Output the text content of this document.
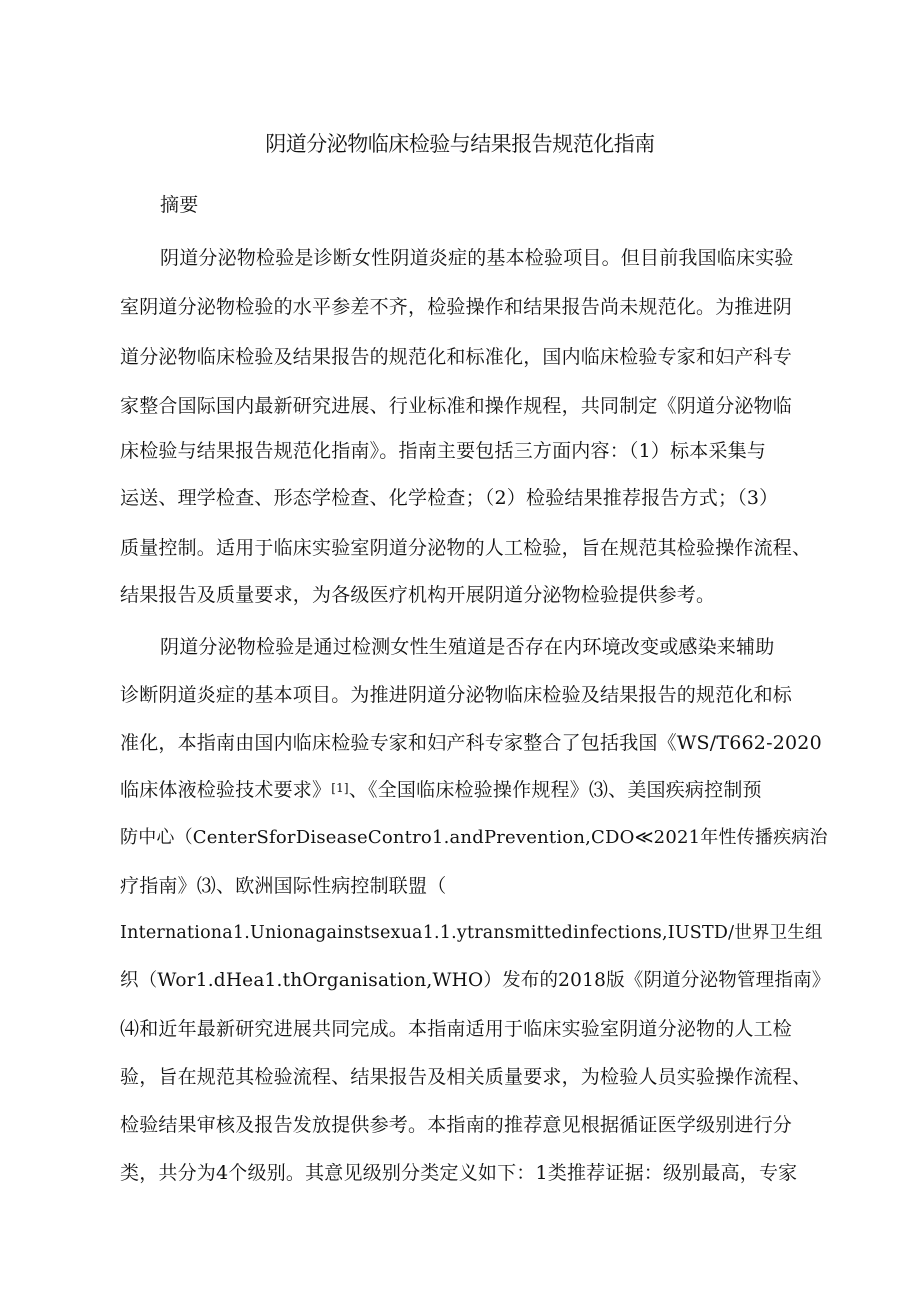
阴道分泌物临床检验与结果报告规范化指南
摘要
阴道分泌物检验是诊断女性阴道炎症的基本检验项目。但目前我国临床实验
室阴道分泌物检验的水平参差不齐，检验操作和结果报告尚未规范化。为推进阴
道分泌物临床检验及结果报告的规范化和标准化，国内临床检验专家和妇产科专
家整合国际国内最新研究进展、行业标准和操作规程，共同制定《阴道分泌物临
床检验与结果报告规范化指南》。指南主要包括三方面内容：（1）标本采集与
运送、理学检查、形态学检查、化学检查；（2）检验结果推荐报告方式；（3）
质量控制。适用于临床实验室阴道分泌物的人工检验，旨在规范其检验操作流程、
结果报告及质量要求，为各级医疗机构开展阴道分泌物检验提供参考。
阴道分泌物检验是通过检测女性生殖道是否存在内环境改变或感染来辅助
诊断阴道炎症的基本项目。为推进阴道分泌物临床检验及结果报告的规范化和标
准化，本指南由国内临床检验专家和妇产科专家整合了包括我国《WS/T662-2020
临床体液检验技术要求》[1]、《全国临床检验操作规程》⑶、美国疾病控制预
防中心（CenterSforDiseaseContro1.andPrevention,CDO≪2021年性传播疾病治
疗指南》⑶、欧洲国际性病控制联盟（
Internationa1.Unionagainstsexua1.1.ytransmittedinfections,IUSTD/世界卫生组
织（Wor1.dHea1.thOrganisation,WHO）发布的2018版《阴道分泌物管理指南》
⑷和近年最新研究进展共同完成。本指南适用于临床实验室阴道分泌物的人工检
验，旨在规范其检验流程、结果报告及相关质量要求，为检验人员实验操作流程、
检验结果审核及报告发放提供参考。本指南的推荐意见根据循证医学级别进行分
类，共分为4个级别。其意见级别分类定义如下：1类推荐证据：级别最高，专家
